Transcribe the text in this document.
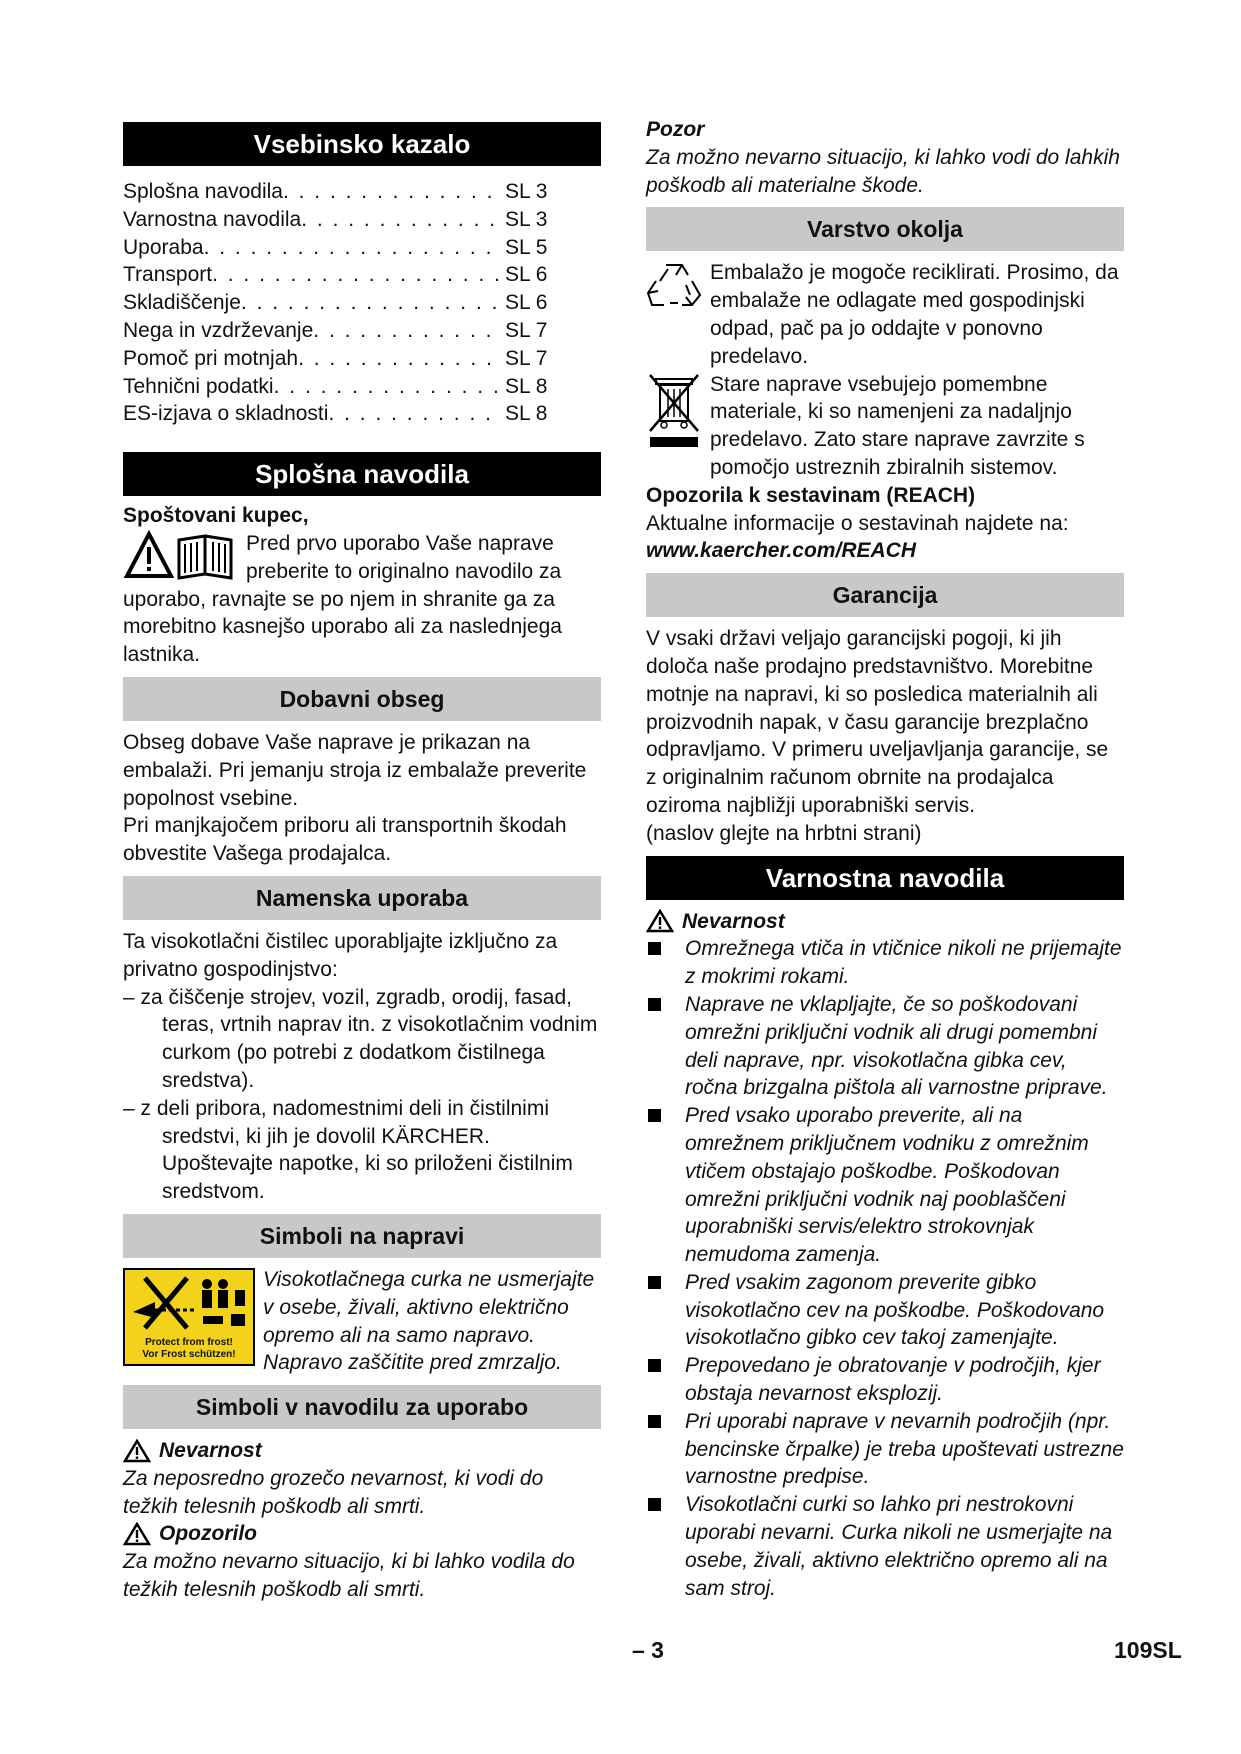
Vsebinsko kazalo
Splošna navodila . . .	SL 3
Varnostna navodila . . .	SL 3
Uporaba . . .	SL 5
Transport . . .	SL 6
Skladiščenje . . .	SL 6
Nega in vzdrževanje . . .	SL 7
Pomoč pri motnjah . . .	SL 7
Tehnični podatki . . .	SL 8
ES-izjava o skladnosti . . .	SL 8
Splošna navodila

Spoštovani kupec,

Pred prvo uporabo Vaše naprave preberite to originalno navodilo za uporabo, ravnajte se po njem in shranite ga za morebitno kasnejšo uporabo ali za naslednjega lastnika.

Dobavni obseg

Obseg dobave Vaše naprave je prikazan na embalaži. Pri jemanju stroja iz embalaže preverite popolnost vsebine.

Pri manjkajočem priboru ali transportnih škodah obvestite Vašega prodajalca.

Namenska uporaba

Ta visokotlačni čistilec uporabljajte izključno za privatno gospodinjstvo:

– za čiščenje strojev, vozil, zgradb, orodij, fasad, teras, vrtnih naprav itn. z visokotlačnim vodnim curkom (po potrebi z dodatkom čistilnega sredstva).

– z deli pribora, nadomestnimi deli in čistilnimi sredstvi, ki jih je dovolil KÄRCHER. Upoštevajte napotke, ki so priloženi čistilnim sredstvom.

Simboli na napravi
Protect from frost!
Vor Frost schützen!

Visokotlačnega curka ne usmerjajte v osebe, živali, aktivno električno opremo ali na samo napravo. Napravo zaščitite pred zmrzaljo.

Simboli v navodilu za uporabo
Nevarnost

Za neposredno grozečo nevarnost, ki vodi do težkih telesnih poškodb ali smrti.

Opozorilo

Za možno nevarno situacijo, ki bi lahko vodila do težkih telesnih poškodb ali smrti.

Pozor

Za možno nevarno situacijo, ki lahko vodi do lahkih poškodb ali materialne škode.

Varstvo okolja

Embalažo je mogoče reciklirati. Prosimo, da embalaže ne odlagate med gospodinjski odpad, pač pa jo oddajte v ponovno predelavo.

Stare naprave vsebujejo pomembne materiale, ki so namenjeni za nadaljnjo predelavo. Zato stare naprave zavrzite s pomočjo ustreznih zbiralnih sistemov.

Opozorila k sestavinam (REACH)

Aktualne informacije o sestavinah najdete na:

www.kaercher.com/REACH

Garancija

V vsaki državi veljajo garancijski pogoji, ki jih določa naše prodajno predstavništvo. Morebitne motnje na napravi, ki so posledica materialnih ali proizvodnih napak, v času garancije brezplačno odpravljamo. V primeru uveljavljanja garancije, se z originalnim računom obrnite na prodajalca oziroma najbližji uporabniški servis.

(naslov glejte na hrbtni strani)

Varnostna navodila
Nevarnost
Omrežnega vtiča in vtičnice nikoli ne prijemajte z mokrimi rokami.
Naprave ne vklapljajte, če so poškodovani omrežni priključni vodnik ali drugi pomembni deli naprave, npr. visokotlačna gibka cev, ročna brizgalna pištola ali varnostne priprave.
Pred vsako uporabo preverite, ali na omrežnem priključnem vodniku z omrežnim vtičem obstajajo poškodbe. Poškodovan omrežni priključni vodnik naj pooblaščeni uporabniški servis/elektro strokovnjak nemudoma zamenja.
Pred vsakim zagonom preverite gibko visokotlačno cev na poškodbe. Poškodovano visokotlačno gibko cev takoj zamenjajte.
Prepovedano je obratovanje v področjih, kjer obstaja nevarnost eksplozij.
Pri uporabi naprave v nevarnih področjih (npr. bencinske črpalke) je treba upoštevati ustrezne varnostne predpise.
Visokotlačni curki so lahko pri nestrokovni uporabi nevarni. Curka nikoli ne usmerjajte na osebe, živali, aktivno električno opremo ali na sam stroj.
– 3	109SL
